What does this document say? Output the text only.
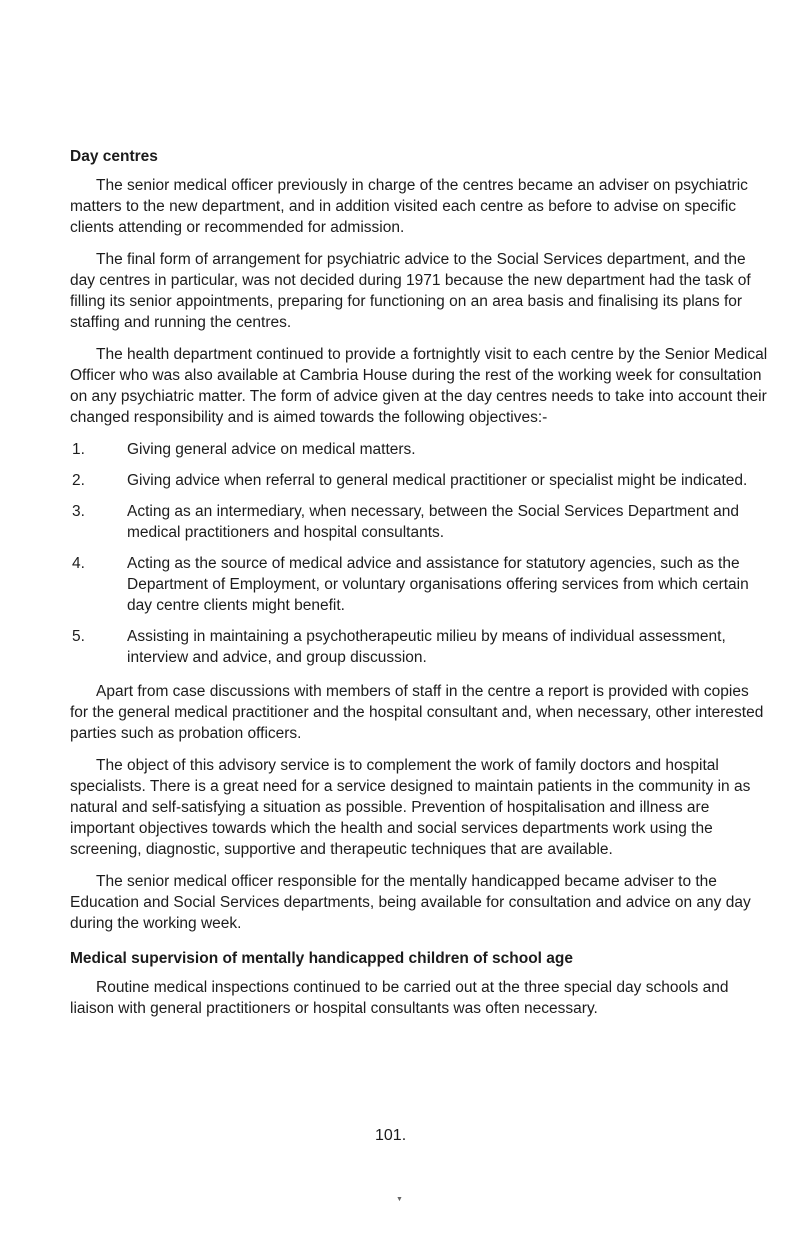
Day centres

The senior medical officer previously in charge of the centres became an adviser on psychiatric matters to the new department, and in addition visited each centre as before to advise on specific clients attending or recommended for admission.

The final form of arrangement for psychiatric advice to the Social Services department, and the day centres in particular, was not decided during 1971 because the new department had the task of filling its senior appointments, preparing for functioning on an area basis and finalising its plans for staffing and running the centres.

The health department continued to provide a fortnightly visit to each centre by the Senior Medical Officer who was also available at Cambria House during the rest of the working week for consultation on any psychiatric matter. The form of advice given at the day centres needs to take into account their changed responsibility and is aimed towards the following objectives:-

1.	Giving general advice on medical matters.
2.	Giving advice when referral to general medical practitioner or specialist might be indicated.
3.	Acting as an intermediary, when necessary, between the Social Services Department and medical practitioners and hospital consultants.
4.	Acting as the source of medical advice and assistance for statutory agencies, such as the Department of Employment, or voluntary organisations offering services from which certain day centre clients might benefit.
5.	Assisting in maintaining a psychotherapeutic milieu by means of individual assessment, interview and advice, and group discussion.

Apart from case discussions with members of staff in the centre a report is provided with copies for the general medical practitioner and the hospital consultant and, when necessary, other interested parties such as probation officers.

The object of this advisory service is to complement the work of family doctors and hospital specialists. There is a great need for a service designed to maintain patients in the community in as natural and self-satisfying a situation as possible. Prevention of hospitalisation and illness are important objectives towards which the health and social services departments work using the screening, diagnostic, supportive and therapeutic techniques that are available.

The senior medical officer responsible for the mentally handicapped became adviser to the Education and Social Services departments, being available for consultation and advice on any day during the working week.

Medical supervision of mentally handicapped children of school age

Routine medical inspections continued to be carried out at the three special day schools and liaison with general practitioners or hospital consultants was often necessary.

101.
▼
